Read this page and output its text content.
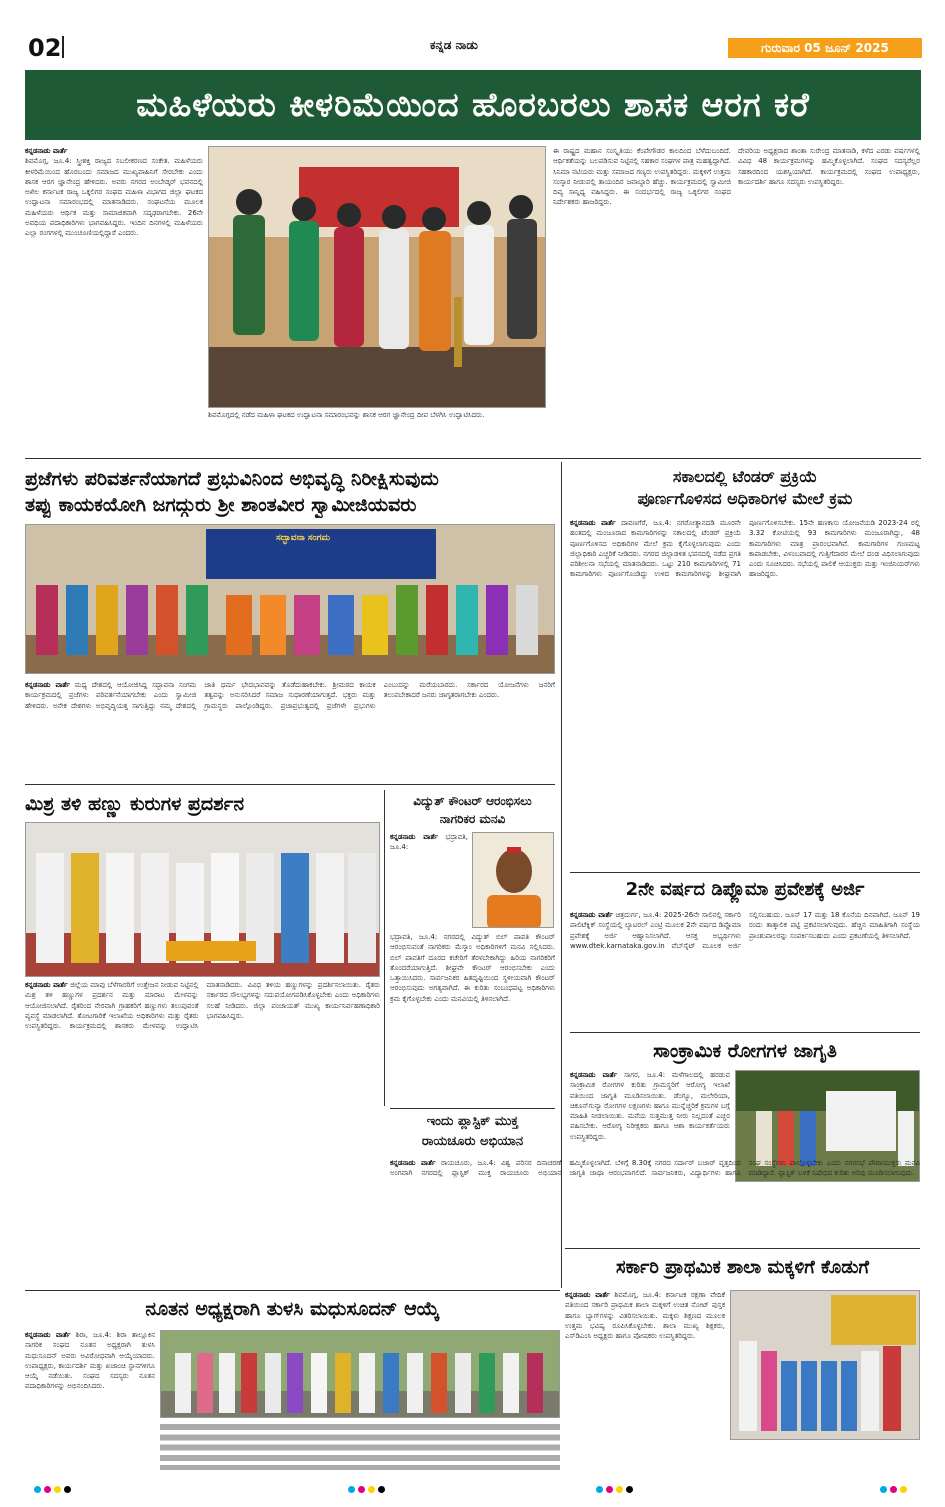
02	ಕನ್ನಡ ನಾಡು	ಗುರುವಾರ 05 ಜೂನ್ 2025
ಮಹಿಳೆಯರು ಕೀಳರಿಮೆಯಿಂದ ಹೊರಬರಲು ಶಾಸಕ ಆರಗ ಕರೆ
ಕನ್ನಡನಾಡು ವಾರ್ತೆ
ಶಿವಮೊಗ್ಗ, ಜೂ.4: ಸ್ತ್ರೀಶಕ್ತಿ ರಾಜ್ಯದ ಸಬಲೀಕರಣದ ಸಂಕೇತ. ಮಹಿಳೆಯರು ಕೀಳರಿಮೆಯಿಂದ ಹೊರಬಂದು ಸಮಾಜದ ಮುಖ್ಯವಾಹಿನಿಗೆ ಸೇರಬೇಕು ಎಂದು ಶಾಸಕ ಆರಗ ಜ್ಞಾನೇಂದ್ರ ಹೇಳಿದರು. ಅವರು ನಗರದ ಅಂಬೇಡ್ಕರ್ ಭವನದಲ್ಲಿ ಅಖಿಲ ಕರ್ನಾಟಕ ರಾಜ್ಯ ಒಕ್ಕಲಿಗರ ಸಂಘದ ಮಹಿಳಾ ವಿಭಾಗದ ಜಿಲ್ಲಾ ಘಟಕದ ಉದ್ಘಾಟನಾ ಸಮಾರಂಭದಲ್ಲಿ ಮಾತನಾಡಿದರು. ಸಂಘಟನೆಯ ಮೂಲಕ ಮಹಿಳೆಯರು ಆರ್ಥಿಕ ಮತ್ತು ಸಾಮಾಜಿಕವಾಗಿ ಸದೃಢರಾಗಬೇಕು. 26ನೇ ಅವಧಿಯ ಪದಾಧಿಕಾರಿಗಳು ಭಾಗವಹಿಸಿದ್ದರು. ಇಂದಿನ ದಿನಗಳಲ್ಲಿ ಮಹಿಳೆಯರು ಎಲ್ಲಾ ರಂಗಗಳಲ್ಲಿ ಮುಂಚೂಣಿಯಲ್ಲಿದ್ದಾರೆ ಎಂದರು.
ಶಿವಮೊಗ್ಗದಲ್ಲಿ ನಡೆದ ಮಹಿಳಾ ಘಟಕದ ಉದ್ಘಾಟನಾ ಸಮಾರಂಭವನ್ನು ಶಾಸಕ ಆರಗ ಜ್ಞಾನೇಂದ್ರ ದೀಪ ಬೆಳಗಿಸಿ ಉದ್ಘಾಟಿಸಿದರು.
ಈ ರಾಷ್ಟ್ರದ ಮಹಾನ ಸಂಸ್ಕೃತಿಯು ಕೆಂಪೇಗೌಡರ ಕಾಲದಿಂದ ಬೆಳೆದುಬಂದಿದೆ. ಆರ್ಥಿಕತೆಯನ್ನು ಬಲಪಡಿಸುವ ನಿಟ್ಟಿನಲ್ಲಿ ಸಹಕಾರ ಸಂಘಗಳ ಪಾತ್ರ ಮಹತ್ವದ್ದಾಗಿದೆ. ಸಿನಿಮಾ ನಟಿಯರು ಮತ್ತು ಸಮಾಜದ ಗಣ್ಯರು ಉಪಸ್ಥಿತರಿದ್ದರು. ಮಕ್ಕಳಿಗೆ ಉತ್ತಮ ಸಂಸ್ಕಾರ ನೀಡುವಲ್ಲಿ ತಾಯಂದಿರ ಜವಾಬ್ದಾರಿ ಹೆಚ್ಚು. ಕಾರ್ಯಕ್ರಮದಲ್ಲಿ ಸ್ವಾಮೀಜಿ ದಿವ್ಯ ಸಾನ್ನಿಧ್ಯ ವಹಿಸಿದ್ದರು. ಈ ಸಂದರ್ಭದಲ್ಲಿ ರಾಜ್ಯ ಒಕ್ಕಲಿಗರ ಸಂಘದ ನಿರ್ದೇಶಕರು ಹಾಜರಿದ್ದರು.
ದೇವರಿಯ ಅಧ್ಯಕ್ಷರಾದ ಶಾಂತಾ ಸುರೇಂದ್ರ ಮಾತನಾಡಿ, ಕಳೆದ ಎರಡು ವರ್ಷಗಳಲ್ಲಿ ವಿವಿಧ 48 ಕಾರ್ಯಕ್ರಮಗಳನ್ನು ಹಮ್ಮಿಕೊಳ್ಳಲಾಗಿದೆ. ಸಂಘದ ಸದಸ್ಯರೆಲ್ಲರ ಸಹಕಾರದಿಂದ ಯಶಸ್ವಿಯಾಗಿದೆ. ಕಾರ್ಯಕ್ರಮದಲ್ಲಿ ಸಂಘದ ಉಪಾಧ್ಯಕ್ಷರು, ಕಾರ್ಯದರ್ಶಿ ಹಾಗೂ ಸದಸ್ಯರು ಉಪಸ್ಥಿತರಿದ್ದರು.
ಪ್ರಜೆಗಳು ಪರಿವರ್ತನೆಯಾಗದೆ ಪ್ರಭುವಿನಿಂದ ಅಭಿವೃದ್ಧಿ ನಿರೀಕ್ಷಿಸುವುದು
ತಪ್ಪು ಕಾಯಕಯೋಗಿ ಜಗದ್ಗುರು ಶ್ರೀ ಶಾಂತವೀರ ಸ್ವಾಮೀಜಿಯವರು
ಸದ್ಭಾವನಾ ಸಂಗಮ
ಕನ್ನಡನಾಡು ವಾರ್ತೆ ಮಧ್ಯ ದೇಶದಲ್ಲಿ ಆಯೋಜಿಸಿದ್ದ ಸದ್ಭಾವನಾ ಸಂಗಮ ಕಾರ್ಯಕ್ರಮದಲ್ಲಿ ಪ್ರಜೆಗಳು ಪರಿವರ್ತನೆಯಾಗಬೇಕು ಎಂದು ಸ್ವಾಮೀಜಿ ಹೇಳಿದರು. ಅನೇಕ ದೇಶಗಳು ಅಭಿವೃದ್ಧಿಯತ್ತ ಸಾಗುತ್ತಿದ್ದು ನಮ್ಮ ದೇಶದಲ್ಲಿ ಜಾತಿ ಧರ್ಮ ಭೇದಭಾವವನ್ನು ತೊಡೆದುಹಾಕಬೇಕು. ಶ್ರೀಮಠದ ಕಾಯಕ ತತ್ವವನ್ನು ಅನುಸರಿಸಿದರೆ ಸಮಾಜ ಸುಧಾರಣೆಯಾಗುತ್ತದೆ. ಭಕ್ತರು ಮತ್ತು ಗ್ರಾಮಸ್ಥರು ಪಾಲ್ಗೊಂಡಿದ್ದರು. ಪ್ರಜಾಪ್ರಭುತ್ವದಲ್ಲಿ ಪ್ರಜೆಗಳೇ ಪ್ರಭುಗಳು ಎಂಬುದನ್ನು ಮರೆಯಬಾರದು. ಸರ್ಕಾರದ ಯೋಜನೆಗಳು ಜನರಿಗೆ ತಲುಪಬೇಕಾದರೆ ಜನರು ಜಾಗೃತರಾಗಬೇಕು ಎಂದರು.
ಸಕಾಲದಲ್ಲಿ ಟೆಂಡರ್ ಪ್ರಕ್ರಿಯೆ
ಪೂರ್ಣಗೊಳಿಸದ ಅಧಿಕಾರಿಗಳ ಮೇಲೆ ಕ್ರಮ
ಕನ್ನಡನಾಡು ವಾರ್ತೆ ದಾವಣಗೆರೆ, ಜೂ.4: ನಗರೋತ್ಥಾನದಡಿ ಮೂರನೇ ಹಂತದಲ್ಲಿ ಮಂಜೂರಾದ ಕಾಮಗಾರಿಗಳನ್ನು ಸಕಾಲದಲ್ಲಿ ಟೆಂಡರ್ ಪ್ರಕ್ರಿಯೆ ಪೂರ್ಣಗೊಳಿಸದ ಅಧಿಕಾರಿಗಳ ಮೇಲೆ ಕ್ರಮ ಕೈಗೊಳ್ಳಲಾಗುವುದು ಎಂದು ಜಿಲ್ಲಾಧಿಕಾರಿ ಎಚ್ಚರಿಕೆ ನೀಡಿದರು. ನಗರದ ಜಿಲ್ಲಾಡಳಿತ ಭವನದಲ್ಲಿ ನಡೆದ ಪ್ರಗತಿ ಪರಿಶೀಲನಾ ಸಭೆಯಲ್ಲಿ ಮಾತನಾಡಿದರು. ಒಟ್ಟು 210 ಕಾಮಗಾರಿಗಳಲ್ಲಿ 71 ಕಾಮಗಾರಿಗಳು ಪೂರ್ಣಗೊಂಡಿದ್ದು ಉಳಿದ ಕಾಮಗಾರಿಗಳನ್ನು ಶೀಘ್ರವಾಗಿ ಪೂರ್ಣಗೊಳಿಸಬೇಕು. 15ನೇ ಹಣಕಾಸು ಯೋಜನೆಯಡಿ 2023-24 ರಲ್ಲಿ 3.32 ಕೋಟಿಯಲ್ಲಿ 93 ಕಾಮಗಾರಿಗಳು ಮಂಜೂರಾಗಿದ್ದು, 48 ಕಾಮಗಾರಿಗಳು ಮಾತ್ರ ಪ್ರಾರಂಭವಾಗಿವೆ. ಕಾಮಗಾರಿಗಳ ಗುಣಮಟ್ಟ ಕಾಪಾಡಬೇಕು, ವಿಳಂಬವಾದಲ್ಲಿ ಗುತ್ತಿಗೆದಾರರ ಮೇಲೆ ದಂಡ ವಿಧಿಸಲಾಗುವುದು ಎಂದು ಸೂಚಿಸಿದರು. ಸಭೆಯಲ್ಲಿ ಪಾಲಿಕೆ ಆಯುಕ್ತರು ಮತ್ತು ಇಂಜಿನಿಯರ್‌ಗಳು ಹಾಜರಿದ್ದರು.
ಮಿಶ್ರ ತಳಿ ಹಣ್ಣು ಕುರುಗಳ ಪ್ರದರ್ಶನ
ಕನ್ನಡನಾಡು ವಾರ್ತೆ ಜಿಲ್ಲೆಯ ಮಾವು ಬೆಳೆಗಾರರಿಗೆ ಉತ್ತೇಜನ ನೀಡುವ ನಿಟ್ಟಿನಲ್ಲಿ ಮಿಶ್ರ ತಳಿ ಹಣ್ಣುಗಳ ಪ್ರದರ್ಶನ ಮತ್ತು ಮಾರಾಟ ಮೇಳವನ್ನು ಆಯೋಜಿಸಲಾಗಿದೆ. ರೈತರಿಂದ ನೇರವಾಗಿ ಗ್ರಾಹಕರಿಗೆ ಹಣ್ಣುಗಳು ತಲುಪುವಂತೆ ವ್ಯವಸ್ಥೆ ಮಾಡಲಾಗಿದೆ. ತೋಟಗಾರಿಕೆ ಇಲಾಖೆಯ ಅಧಿಕಾರಿಗಳು ಮತ್ತು ರೈತರು ಉಪಸ್ಥಿತರಿದ್ದರು. ಕಾರ್ಯಕ್ರಮದಲ್ಲಿ ಶಾಸಕರು ಮೇಳವನ್ನು ಉದ್ಘಾಟಿಸಿ ಮಾತನಾಡಿದರು. ವಿವಿಧ ತಳಿಯ ಹಣ್ಣುಗಳನ್ನು ಪ್ರದರ್ಶಿಸಲಾಯಿತು. ರೈತರು ಸರ್ಕಾರದ ಸೌಲಭ್ಯಗಳನ್ನು ಸದುಪಯೋಗಪಡಿಸಿಕೊಳ್ಳಬೇಕು ಎಂದು ಅಧಿಕಾರಿಗಳು ಸಲಹೆ ನೀಡಿದರು. ಜಿಲ್ಲಾ ಪಂಚಾಯತ್ ಮುಖ್ಯ ಕಾರ್ಯನಿರ್ವಹಣಾಧಿಕಾರಿ ಭಾಗವಹಿಸಿದ್ದರು.
ವಿದ್ಯುತ್ ಕೌಂಟರ್ ಆರಂಭಿಸಲು
ನಾಗರಿಕರ ಮನವಿ
ಕನ್ನಡನಾಡು ವಾರ್ತೆ ಭದ್ರಾವತಿ, ಜೂ.4:
ಭದ್ರಾವತಿ, ಜೂ.4: ನಗರದಲ್ಲಿ ವಿದ್ಯುತ್ ಬಿಲ್ ಪಾವತಿ ಕೌಂಟರ್ ಆರಂಭಿಸುವಂತೆ ನಾಗರಿಕರು ಮೆಸ್ಕಾಂ ಅಧಿಕಾರಿಗಳಿಗೆ ಮನವಿ ಸಲ್ಲಿಸಿದರು. ಬಿಲ್ ಪಾವತಿಗೆ ದೂರದ ಕಚೇರಿಗೆ ತೆರಳಬೇಕಾಗಿದ್ದು ಹಿರಿಯ ನಾಗರಿಕರಿಗೆ ತೊಂದರೆಯಾಗುತ್ತಿದೆ. ಶೀಘ್ರವೇ ಕೌಂಟರ್ ಆರಂಭಿಸಬೇಕು ಎಂದು ಒತ್ತಾಯಿಸಿದರು. ಸಾರ್ವಜನಿಕರ ಹಿತದೃಷ್ಟಿಯಿಂದ ಸ್ಥಳೀಯವಾಗಿ ಕೌಂಟರ್ ಆರಂಭಿಸುವುದು ಅಗತ್ಯವಾಗಿದೆ. ಈ ಕುರಿತು ಸಂಬಂಧಪಟ್ಟ ಅಧಿಕಾರಿಗಳು ಕ್ರಮ ಕೈಗೊಳ್ಳಬೇಕು ಎಂದು ಮನವಿಯಲ್ಲಿ ತಿಳಿಸಲಾಗಿದೆ.
2ನೇ ವರ್ಷದ ಡಿಪ್ಲೊಮಾ ಪ್ರವೇಶಕ್ಕೆ ಅರ್ಜಿ
ಕನ್ನಡನಾಡು ವಾರ್ತೆ ಚಿತ್ರದುರ್ಗ, ಜೂ.4: 2025-26ನೇ ಸಾಲಿನಲ್ಲಿ ಸರ್ಕಾರಿ ಪಾಲಿಟೆಕ್ನಿಕ್ ಸಂಸ್ಥೆಯಲ್ಲಿ ಲ್ಯಾಟರಲ್ ಎಂಟ್ರಿ ಮೂಲಕ 2ನೇ ವರ್ಷದ ಡಿಪ್ಲೊಮಾ ಪ್ರವೇಶಕ್ಕೆ ಅರ್ಜಿ ಆಹ್ವಾನಿಸಲಾಗಿದೆ. ಆಸಕ್ತ ಅಭ್ಯರ್ಥಿಗಳು www.dtek.karnataka.gov.in ವೆಬ್‌ಸೈಟ್ ಮೂಲಕ ಅರ್ಜಿ ಸಲ್ಲಿಸಬಹುದು. ಜೂನ್ 17 ಮತ್ತು 18 ಕೊನೆಯ ದಿನವಾಗಿದೆ. ಜೂನ್ 19 ರಂದು ತಾತ್ಕಾಲಿಕ ಪಟ್ಟಿ ಪ್ರಕಟಿಸಲಾಗುವುದು. ಹೆಚ್ಚಿನ ಮಾಹಿತಿಗಾಗಿ ಸಂಸ್ಥೆಯ ಪ್ರಾಂಶುಪಾಲರನ್ನು ಸಂಪರ್ಕಿಸಬಹುದು ಎಂದು ಪ್ರಕಟಣೆಯಲ್ಲಿ ತಿಳಿಸಲಾಗಿದೆ.
ಸಾಂಕ್ರಾಮಿಕ ರೋಗಗಳ ಜಾಗೃತಿ
ಕನ್ನಡನಾಡು ವಾರ್ತೆ ಸಾಗರ, ಜೂ.4: ಮಳೆಗಾಲದಲ್ಲಿ ಹರಡುವ ಸಾಂಕ್ರಾಮಿಕ ರೋಗಗಳ ಕುರಿತು ಗ್ರಾಮಸ್ಥರಿಗೆ ಆರೋಗ್ಯ ಇಲಾಖೆ ವತಿಯಿಂದ ಜಾಗೃತಿ ಮೂಡಿಸಲಾಯಿತು. ಡೆಂಗ್ಯೂ, ಮಲೇರಿಯಾ, ಚಿಕೂನ್‌ಗುನ್ಯಾ ರೋಗಗಳ ಲಕ್ಷಣಗಳು ಹಾಗೂ ಮುನ್ನೆಚ್ಚರಿಕೆ ಕ್ರಮಗಳ ಬಗ್ಗೆ ಮಾಹಿತಿ ನೀಡಲಾಯಿತು. ಮನೆಯ ಸುತ್ತಮುತ್ತ ನೀರು ನಿಲ್ಲದಂತೆ ಎಚ್ಚರ ವಹಿಸಬೇಕು. ಆರೋಗ್ಯ ನಿರೀಕ್ಷಕರು ಹಾಗೂ ಆಶಾ ಕಾರ್ಯಕರ್ತೆಯರು ಉಪಸ್ಥಿತರಿದ್ದರು.
ಇಂದು ಪ್ಲಾಸ್ಟಿಕ್ ಮುಕ್ತ
ರಾಯಚೂರು ಅಭಿಯಾನ
ಕನ್ನಡನಾಡು ವಾರ್ತೆ ರಾಯಚೂರು, ಜೂ.4: ವಿಶ್ವ ಪರಿಸರ ದಿನಾಚರಣೆ ಅಂಗವಾಗಿ ನಗರದಲ್ಲಿ ಪ್ಲಾಸ್ಟಿಕ್ ಮುಕ್ತ ರಾಯಚೂರು ಅಭಿಯಾನ ಹಮ್ಮಿಕೊಳ್ಳಲಾಗಿದೆ. ಬೆಳಿಗ್ಗೆ 8.30ಕ್ಕೆ ನಗರದ ಸರ್ದಾರ್ ಬಜಾರ್ ವೃತ್ತದಿಂದ ಜಾಗೃತಿ ಜಾಥಾ ಆರಂಭವಾಗಲಿದೆ. ಸಾರ್ವಜನಿಕರು, ವಿದ್ಯಾರ್ಥಿಗಳು ಹಾಗೂ ಸಂಘ ಸಂಸ್ಥೆಗಳು ಪಾಲ್ಗೊಳ್ಳಬೇಕು ಎಂದು ನಗರಸಭೆ ಪೌರಾಯುಕ್ತರು ಮನವಿ ಮಾಡಿದ್ದಾರೆ. ಪ್ಲಾಸ್ಟಿಕ್ ಬಳಕೆ ನಿಷೇಧದ ಕುರಿತು ಅರಿವು ಮೂಡಿಸಲಾಗುವುದು.
ಸರ್ಕಾರಿ ಪ್ರಾಥಮಿಕ ಶಾಲಾ ಮಕ್ಕಳಿಗೆ ಕೊಡುಗೆ
ಕನ್ನಡನಾಡು ವಾರ್ತೆ ಶಿವಮೊಗ್ಗ, ಜೂ.4: ಕರ್ನಾಟಕ ರಕ್ಷಣಾ ವೇದಿಕೆ ವತಿಯಿಂದ ಸರ್ಕಾರಿ ಪ್ರಾಥಮಿಕ ಶಾಲಾ ಮಕ್ಕಳಿಗೆ ಉಚಿತ ನೋಟ್ ಪುಸ್ತಕ ಹಾಗೂ ಬ್ಯಾಗ್‌ಗಳನ್ನು ವಿತರಿಸಲಾಯಿತು. ಮಕ್ಕಳು ಶಿಕ್ಷಣದ ಮೂಲಕ ಉತ್ತಮ ಭವಿಷ್ಯ ರೂಪಿಸಿಕೊಳ್ಳಬೇಕು. ಶಾಲಾ ಮುಖ್ಯ ಶಿಕ್ಷಕರು, ಎಸ್‌ಡಿಎಂಸಿ ಅಧ್ಯಕ್ಷರು ಹಾಗೂ ಪೋಷಕರು ಉಪಸ್ಥಿತರಿದ್ದರು.
ನೂತನ ಅಧ್ಯಕ್ಷರಾಗಿ ತುಳಸಿ ಮಧುಸೂದನ್ ಆಯ್ಕೆ
ಕನ್ನಡನಾಡು ವಾರ್ತೆ ಶಿರಾ, ಜೂ.4: ಶಿರಾ ತಾಲ್ಲೂಕಿನ ನಾಗರಿಕ ಸಂಘದ ನೂತನ ಅಧ್ಯಕ್ಷರಾಗಿ ತುಳಸಿ ಮಧುಸೂದನ್ ಅವರು ಅವಿರೋಧವಾಗಿ ಆಯ್ಕೆಯಾದರು. ಉಪಾಧ್ಯಕ್ಷರು, ಕಾರ್ಯದರ್ಶಿ ಮತ್ತು ಖಜಾಂಚಿ ಸ್ಥಾನಗಳಿಗೂ ಆಯ್ಕೆ ನಡೆಯಿತು. ಸಂಘದ ಸದಸ್ಯರು ನೂತನ ಪದಾಧಿಕಾರಿಗಳನ್ನು ಅಭಿನಂದಿಸಿದರು.
